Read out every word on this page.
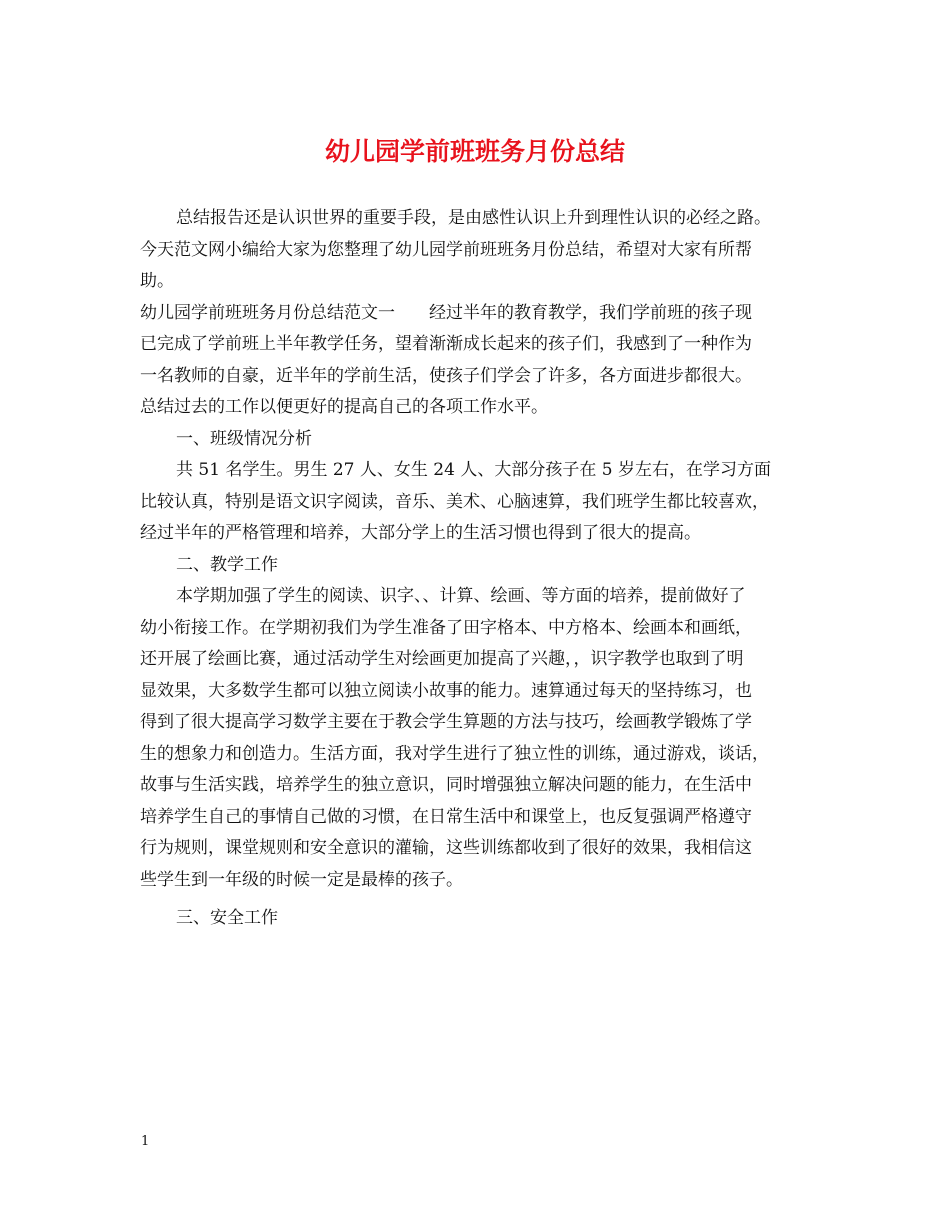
幼儿园学前班班务月份总结
总结报告还是认识世界的重要手段，是由感性认识上升到理性认识的必经之路。
今天范文网小编给大家为您整理了幼儿园学前班班务月份总结，希望对大家有所帮
助。
幼儿园学前班班务月份总结范文一　　经过半年的教育教学，我们学前班的孩子现
已完成了学前班上半年教学任务，望着渐渐成长起来的孩子们，我感到了一种作为
一名教师的自豪，近半年的学前生活，使孩子们学会了许多，各方面进步都很大。
总结过去的工作以便更好的提高自己的各项工作水平。
一、班级情况分析
共 51 名学生。男生 27 人、女生 24 人、大部分孩子在 5 岁左右，在学习方面
比较认真，特别是语文识字阅读，音乐、美术、心脑速算，我们班学生都比较喜欢，
经过半年的严格管理和培养，大部分学上的生活习惯也得到了很大的提高。
二、教学工作
本学期加强了学生的阅读、识字、、计算、绘画、等方面的培养，提前做好了
幼小衔接工作。在学期初我们为学生准备了田字格本、中方格本、绘画本和画纸，
还开展了绘画比赛，通过活动学生对绘画更加提高了兴趣，，识字教学也取到了明
显效果，大多数学生都可以独立阅读小故事的能力。速算通过每天的坚持练习，也
得到了很大提高学习数学主要在于教会学生算题的方法与技巧，绘画教学锻炼了学
生的想象力和创造力。生活方面，我对学生进行了独立性的训练，通过游戏，谈话，
故事与生活实践，培养学生的独立意识，同时增强独立解决问题的能力，在生活中
培养学生自己的事情自己做的习惯，在日常生活中和课堂上，也反复强调严格遵守
行为规则，课堂规则和安全意识的灌输，这些训练都收到了很好的效果，我相信这
些学生到一年级的时候一定是最棒的孩子。
三、安全工作
1
